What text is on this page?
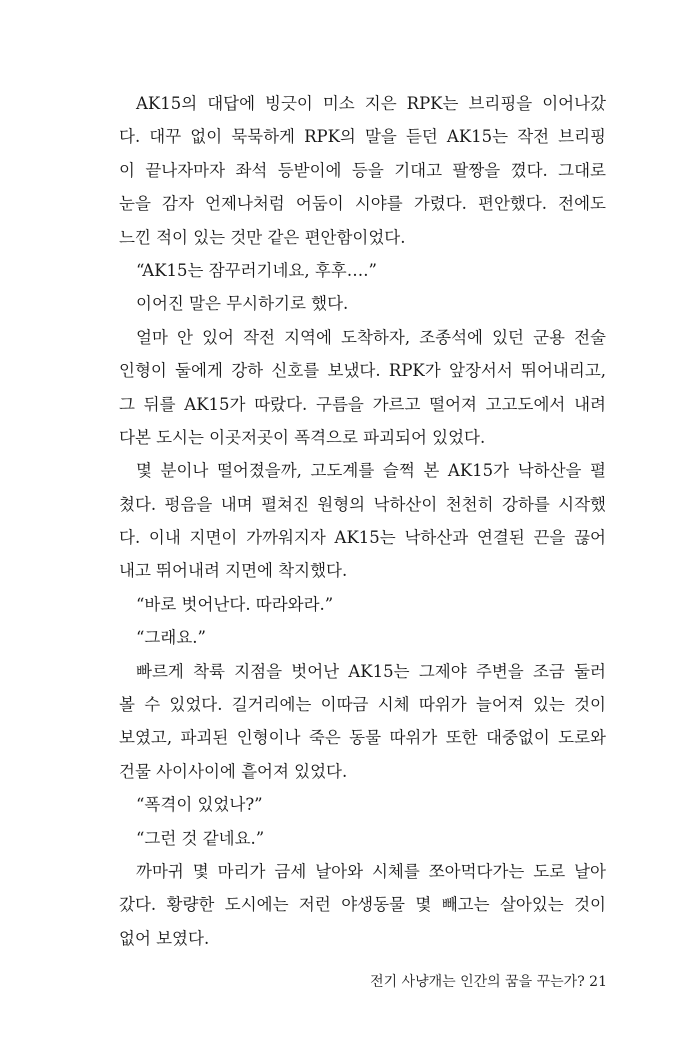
AK15의 대답에 빙긋이 미소 지은 RPK는 브리핑을 이어나갔
다. 대꾸 없이 묵묵하게 RPK의 말을 듣던 AK15는 작전 브리핑
이 끝나자마자 좌석 등받이에 등을 기대고 팔짱을 꼈다. 그대로
눈을 감자 언제나처럼 어둠이 시야를 가렸다. 편안했다. 전에도
느낀 적이 있는 것만 같은 편안함이었다.
“AK15는 잠꾸러기네요, 후후….”
이어진 말은 무시하기로 했다.
얼마 안 있어 작전 지역에 도착하자, 조종석에 있던 군용 전술
인형이 둘에게 강하 신호를 보냈다. RPK가 앞장서서 뛰어내리고,
그 뒤를 AK15가 따랐다. 구름을 가르고 떨어져 고고도에서 내려
다본 도시는 이곳저곳이 폭격으로 파괴되어 있었다.
몇 분이나 떨어졌을까, 고도계를 슬쩍 본 AK15가 낙하산을 펼
쳤다. 펑음을 내며 펼쳐진 원형의 낙하산이 천천히 강하를 시작했
다. 이내 지면이 가까워지자 AK15는 낙하산과 연결된 끈을 끊어
내고 뛰어내려 지면에 착지했다.
“바로 벗어난다. 따라와라.”
“그래요.”
빠르게 착륙 지점을 벗어난 AK15는 그제야 주변을 조금 둘러
볼 수 있었다. 길거리에는 이따금 시체 따위가 늘어져 있는 것이
보였고, 파괴된 인형이나 죽은 동물 따위가 또한 대중없이 도로와
건물 사이사이에 흩어져 있었다.
“폭격이 있었나?”
“그런 것 같네요.”
까마귀 몇 마리가 금세 날아와 시체를 쪼아먹다가는 도로 날아
갔다. 황량한 도시에는 저런 야생동물 몇 빼고는 살아있는 것이
없어 보였다.
전기 사냥개는 인간의 꿈을 꾸는가? 21
